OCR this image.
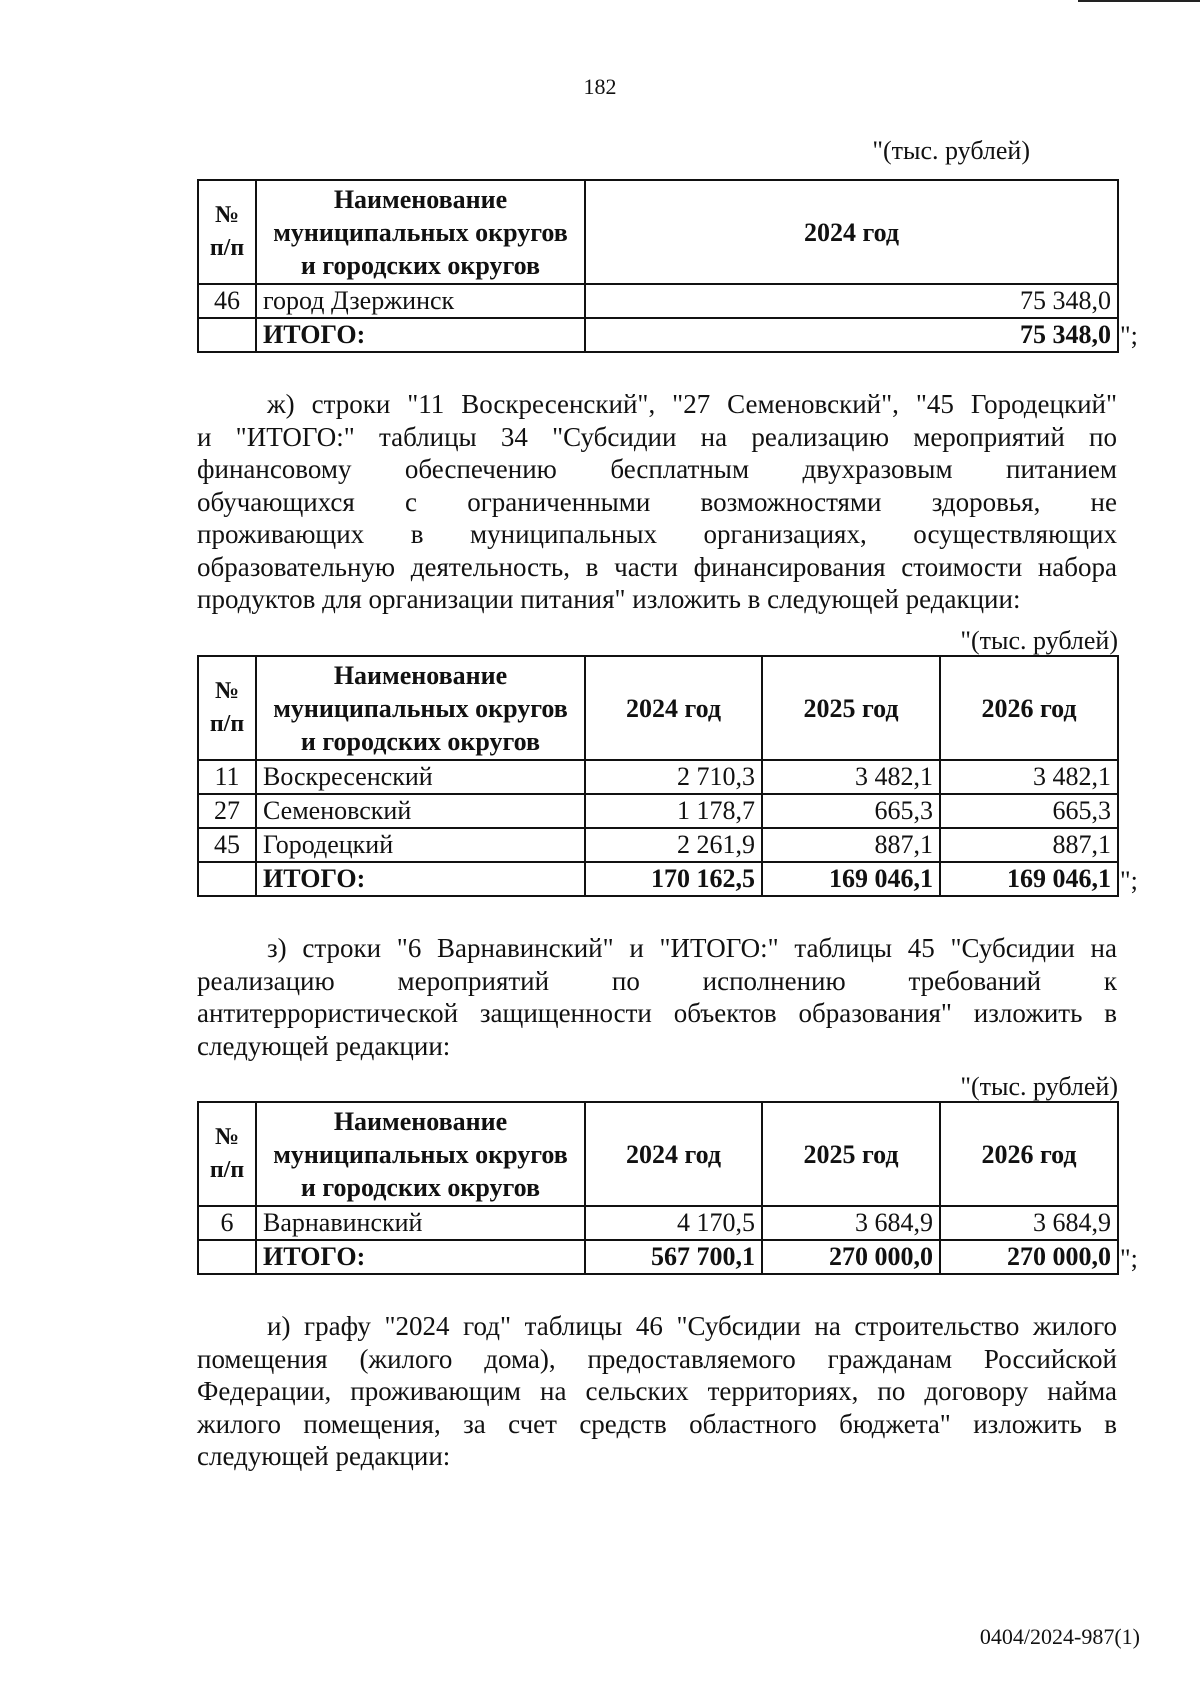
182
"(тыс. рублей)
№ п/п	Наименование муниципальных округов и городских округов	2024 год
46	город Дзержинск	75 348,0
	ИТОГО:	75 348,0 ";
ж) строки "11 Воскресенский", "27 Семеновский", "45 Городецкий"
и "ИТОГО:" таблицы 34 "Субсидии на реализацию мероприятий по
финансовому обеспечению бесплатным двухразовым питанием
обучающихся с ограниченными возможностями здоровья, не
проживающих в муниципальных организациях, осуществляющих
образовательную деятельность, в части финансирования стоимости набора
продуктов для организации питания" изложить в следующей редакции:
"(тыс. рублей)
№ п/п	Наименование муниципальных округов и городских округов	2024 год	2025 год	2026 год
11	Воскресенский	2 710,3	3 482,1	3 482,1
27	Семеновский	1 178,7	665,3	665,3
45	Городецкий	2 261,9	887,1	887,1
	ИТОГО:	170 162,5	169 046,1	169 046,1 ";
з) строки "6 Варнавинский" и "ИТОГО:" таблицы 45 "Субсидии на
реализацию мероприятий по исполнению требований к
антитеррористической защищенности объектов образования" изложить в
следующей редакции:
"(тыс. рублей)
№ п/п	Наименование муниципальных округов и городских округов	2024 год	2025 год	2026 год
6	Варнавинский	4 170,5	3 684,9	3 684,9
	ИТОГО:	567 700,1	270 000,0	270 000,0 ";
и) графу "2024 год" таблицы 46 "Субсидии на строительство жилого
помещения (жилого дома), предоставляемого гражданам Российской
Федерации, проживающим на сельских территориях, по договору найма
жилого помещения, за счет средств областного бюджета" изложить в
следующей редакции:
0404/2024-987(1)
